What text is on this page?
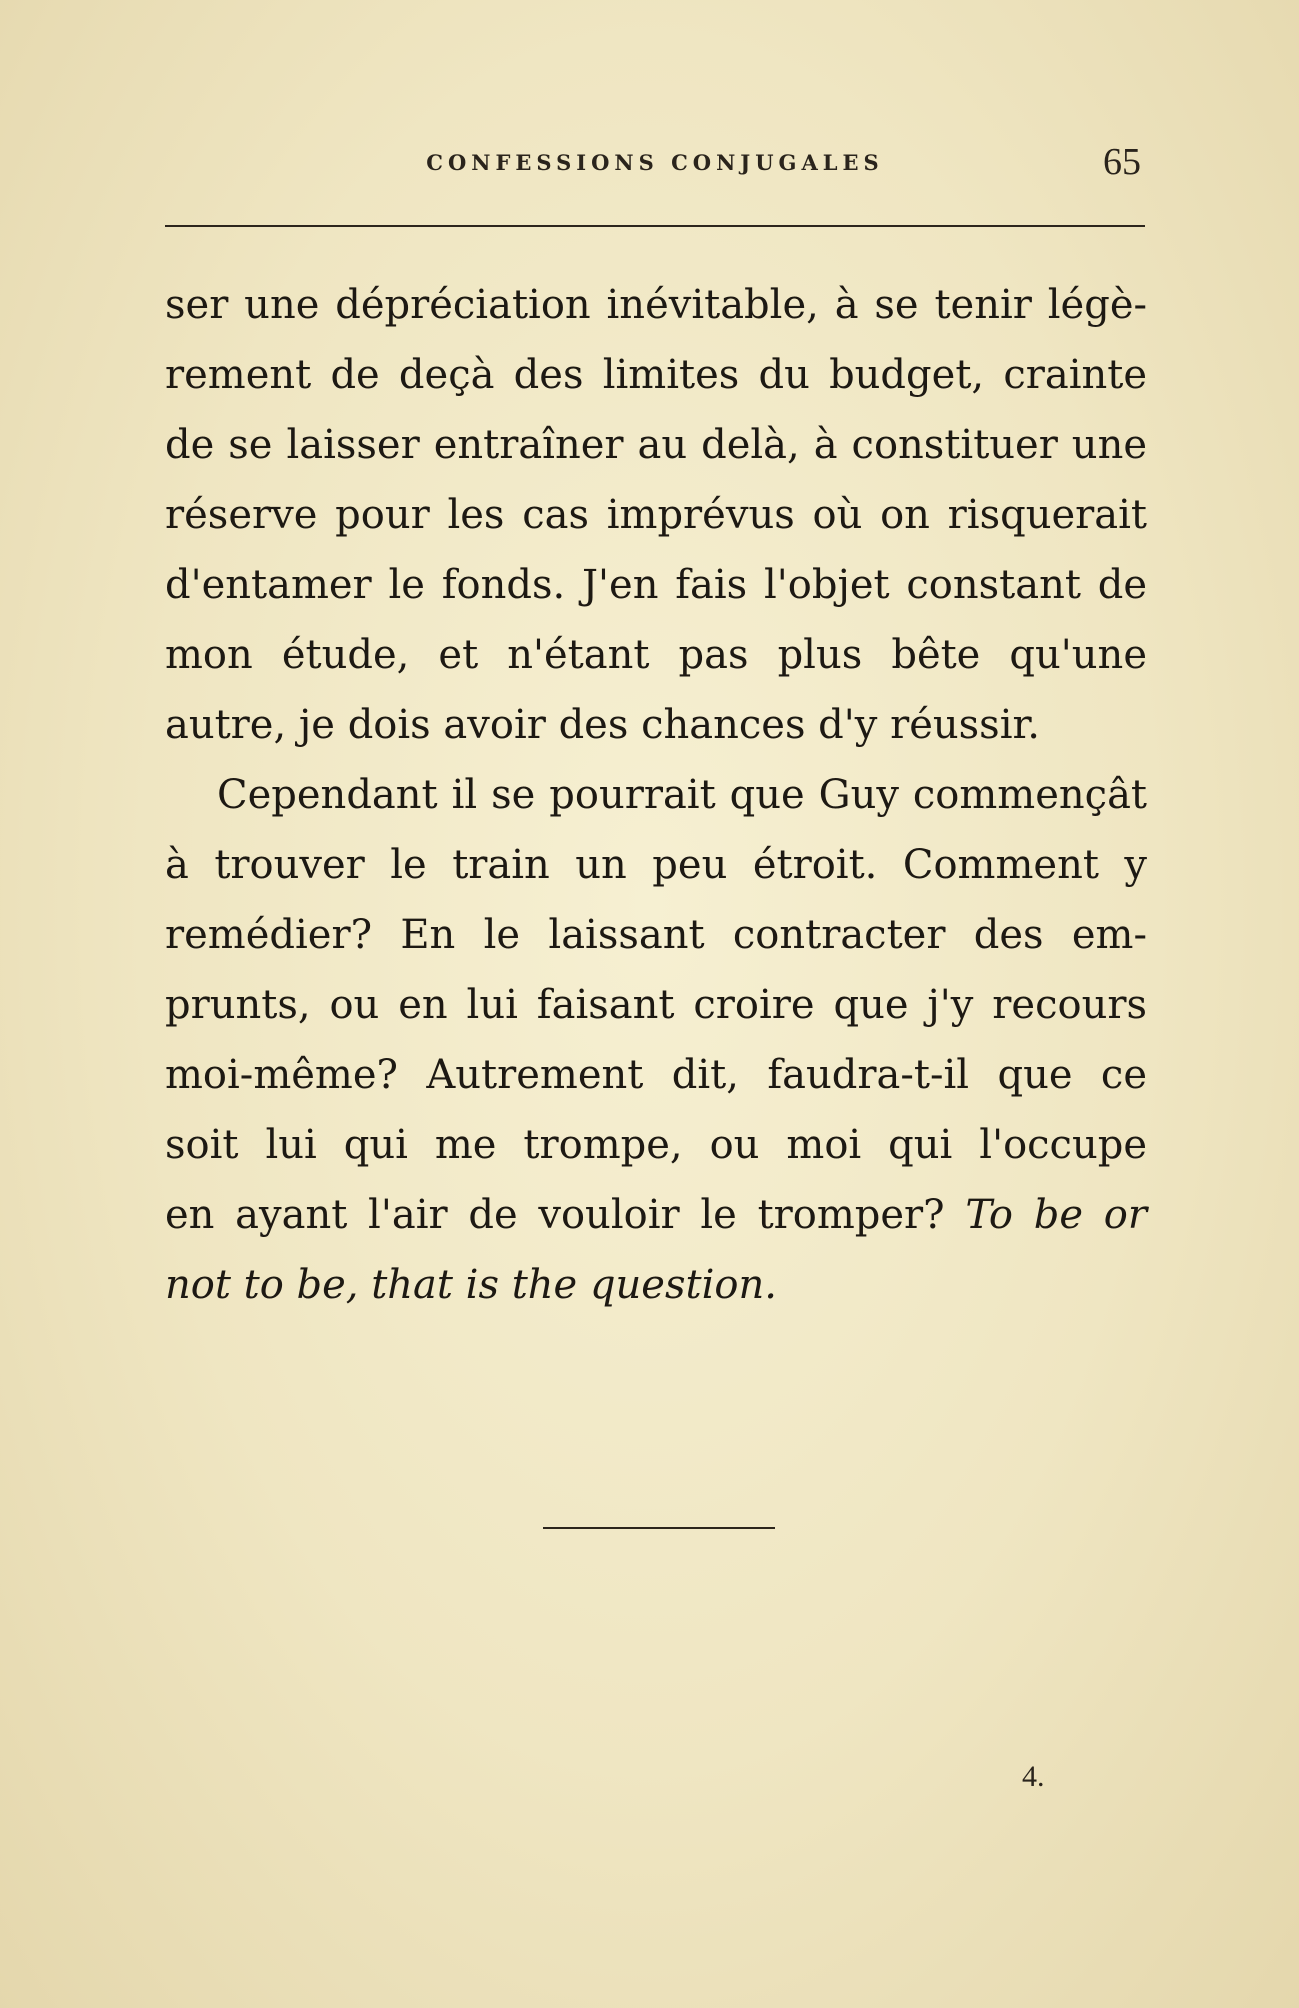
CONFESSIONS CONJUGALES	65
ser une dépréciation inévitable, à se tenir légè-
rement de deçà des limites du budget, crainte
de se laisser entraîner au delà, à constituer une
réserve pour les cas imprévus où on risquerait
d'entamer le fonds. J'en fais l'objet constant de
mon étude, et n'étant pas plus bête qu'une
autre, je dois avoir des chances d'y réussir.
Cependant il se pourrait que Guy commençât
à trouver le train un peu étroit. Comment y
remédier? En le laissant contracter des em-
prunts, ou en lui faisant croire que j'y recours
moi-même? Autrement dit, faudra-t-il que ce
soit lui qui me trompe, ou moi qui l'occupe
en ayant l'air de vouloir le tromper? To be or
not to be, that is the question.
4.
